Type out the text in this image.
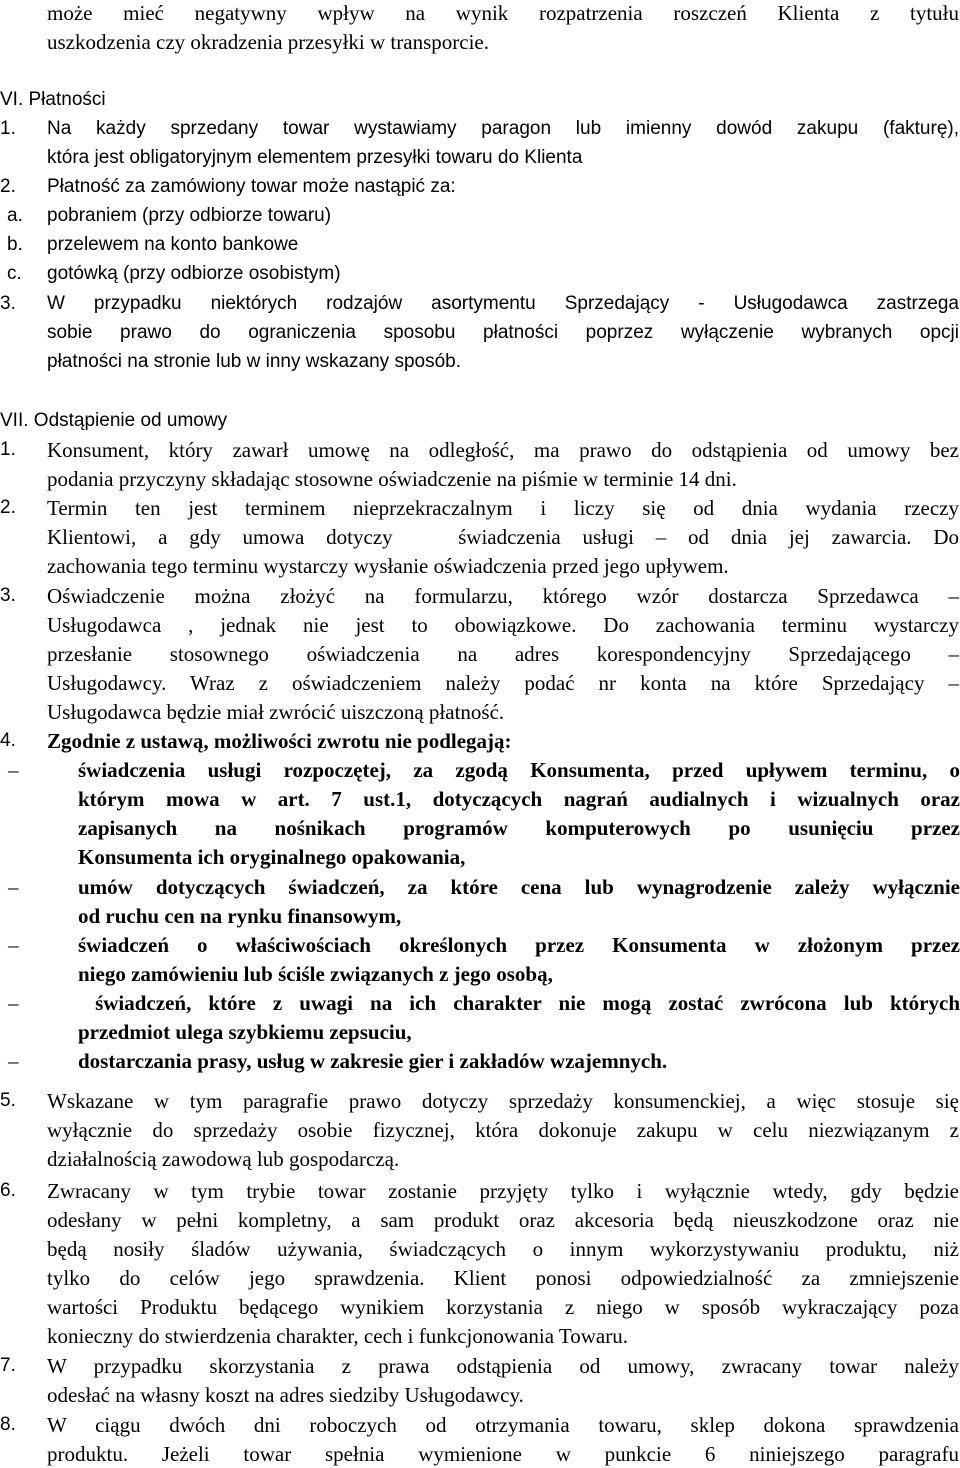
może mieć negatywny wpływ na wynik rozpatrzenia roszczeń Klienta z tytułu
uszkodzenia czy okradzenia przesyłki w transporcie.
VI. Płatności
1. Na każdy sprzedany towar wystawiamy paragon lub imienny dowód zakupu (fakturę),
która jest obligatoryjnym elementem przesyłki towaru do Klienta
2. Płatność za zamówiony towar może nastąpić za:
a. pobraniem (przy odbiorze towaru)
b. przelewem na konto bankowe
c. gotówką (przy odbiorze osobistym)
3. W przypadku niektórych rodzajów asortymentu Sprzedający - Usługodawca zastrzega
sobie prawo do ograniczenia sposobu płatności poprzez wyłączenie wybranych opcji
płatności na stronie lub w inny wskazany sposób.
VII. Odstąpienie od umowy
1. Konsument, który zawarł umowę na odległość, ma prawo do odstąpienia od umowy bez
podania przyczyny składając stosowne oświadczenie na piśmie w terminie 14 dni.
2. Termin ten jest terminem nieprzekraczalnym i liczy się od dnia wydania rzeczy
Klientowi, a gdy umowa dotyczy   świadczenia usługi – od dnia jej zawarcia. Do
zachowania tego terminu wystarczy wysłanie oświadczenia przed jego upływem.
3. Oświadczenie można złożyć na formularzu, którego wzór dostarcza Sprzedawca –
Usługodawca , jednak nie jest to obowiązkowe. Do zachowania terminu wystarczy
przesłanie stosownego oświadczenia na adres korespondencyjny Sprzedającego –
Usługodawcy. Wraz z oświadczeniem należy podać nr konta na które Sprzedający –
Usługodawca będzie miał zwrócić uiszczoną płatność.
4. Zgodnie z ustawą, możliwości zwrotu nie podlegają:
–	świadczenia usługi rozpoczętej, za zgodą Konsumenta, przed upływem terminu, o
którym mowa w art. 7 ust.1, dotyczących nagrań audialnych i wizualnych oraz
zapisanych na nośnikach programów komputerowych po usunięciu przez
Konsumenta ich oryginalnego opakowania,
–	umów dotyczących świadczeń, za które cena lub wynagrodzenie zależy wyłącznie
od ruchu cen na rynku finansowym,
–	świadczeń o właściwościach określonych przez Konsumenta w złożonym przez
niego zamówieniu lub ściśle związanych z jego osobą,
–	świadczeń, które z uwagi na ich charakter nie mogą zostać zwrócona lub których
przedmiot ulega szybkiemu zepsuciu,
–	dostarczania prasy, usług w zakresie gier i zakładów wzajemnych.
5. Wskazane w tym paragrafie prawo dotyczy sprzedaży konsumenckiej, a więc stosuje się
wyłącznie do sprzedaży osobie fizycznej, która dokonuje zakupu w celu niezwiązanym z
działalnością zawodową lub gospodarczą.
6. Zwracany w tym trybie towar zostanie przyjęty tylko i wyłącznie wtedy, gdy będzie
odesłany w pełni kompletny, a sam produkt oraz akcesoria będą nieuszkodzone oraz nie
będą nosiły śladów używania, świadczących o innym wykorzystywaniu produktu, niż
tylko do celów jego sprawdzenia. Klient ponosi odpowiedzialność za zmniejszenie
wartości Produktu będącego wynikiem korzystania z niego w sposób wykraczający poza
konieczny do stwierdzenia charakter, cech i funkcjonowania Towaru.
7. W przypadku skorzystania z prawa odstąpienia od umowy, zwracany towar należy
odesłać na własny koszt na adres siedziby Usługodawcy.
8. W ciągu dwóch dni roboczych od otrzymania towaru, sklep dokona sprawdzenia
produktu. Jeżeli towar spełnia wymienione w punkcie 6 niniejszego paragrafu
